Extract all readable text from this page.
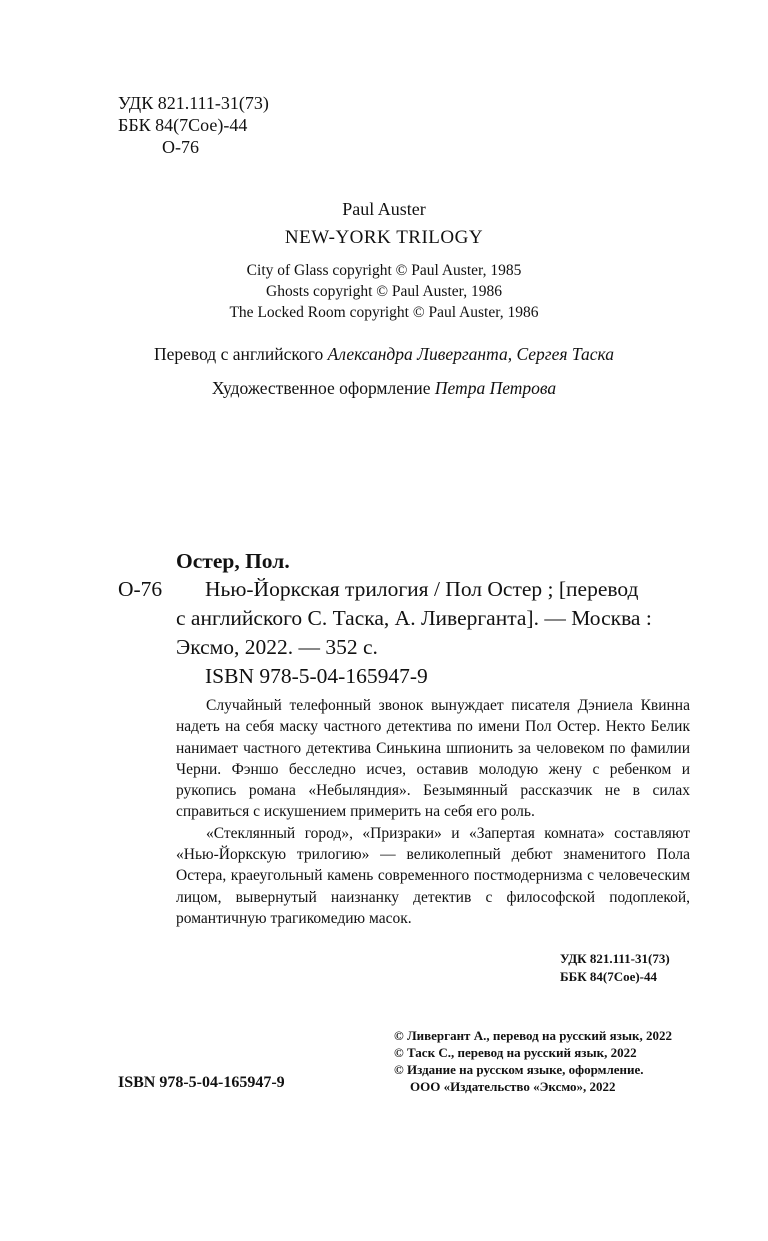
УДК 821.111-31(73)
ББК 84(7Сое)-44
О-76
Paul Auster
NEW-YORK TRILOGY
City of Glass copyright © Paul Auster, 1985
Ghosts copyright © Paul Auster, 1986
The Locked Room copyright © Paul Auster, 1986
Перевод с английского Александра Ливерганта, Сергея Таска
Художественное оформление Петра Петрова
Остер, Пол.
О-76 Нью-Йоркская трилогия / Пол Остер ; [перевод
с английского С. Таска, А. Ливерганта]. — Москва :
Эксмо, 2022. — 352 с.
ISBN 978-5-04-165947-9

Случайный телефонный звонок вынуждает писателя Дэниела Квинна надеть на себя маску частного детектива по имени Пол Остер. Некто Белик нанимает частного детектива Синькина шпионить за человеком по фамилии Черни. Фэншо бесследно исчез, оставив молодую жену с ребенком и рукопись романа «Небыляндия». Безымянный рассказчик не в силах справиться с искушением примерить на себя его роль.

«Стеклянный город», «Призраки» и «Запертая комната» составляют «Нью-Йоркскую трилогию» — великолепный дебют знаменитого Пола Остера, краеугольный камень современного постмодернизма с человеческим лицом, вывернутый наизнанку детектив с философской подоплекой, романтичную трагикомедию масок.

УДК 821.111-31(73)
ББК 84(7Сое)-44
ISBN 978-5-04-165947-9
© Ливергант А., перевод на русский язык, 2022
© Таск С., перевод на русский язык, 2022
© Издание на русском языке, оформление.
ООО «Издательство «Эксмо», 2022
